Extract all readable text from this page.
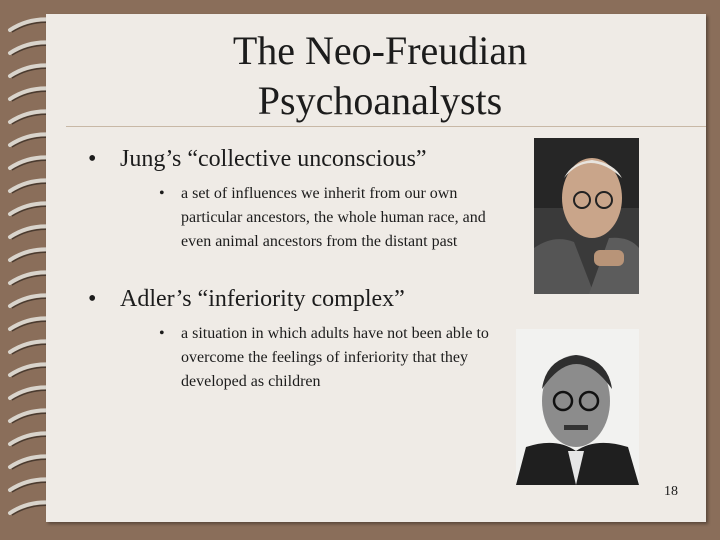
The Neo-Freudian
Psychoanalysts
• Jung’s “collective unconscious”
• a set of influences we inherit from our own particular ancestors, the whole human race, and even animal ancestors from the distant past
• Adler’s “inferiority complex”
• a situation in which adults have not been able to overcome the feelings of inferiority that they developed as children
18
